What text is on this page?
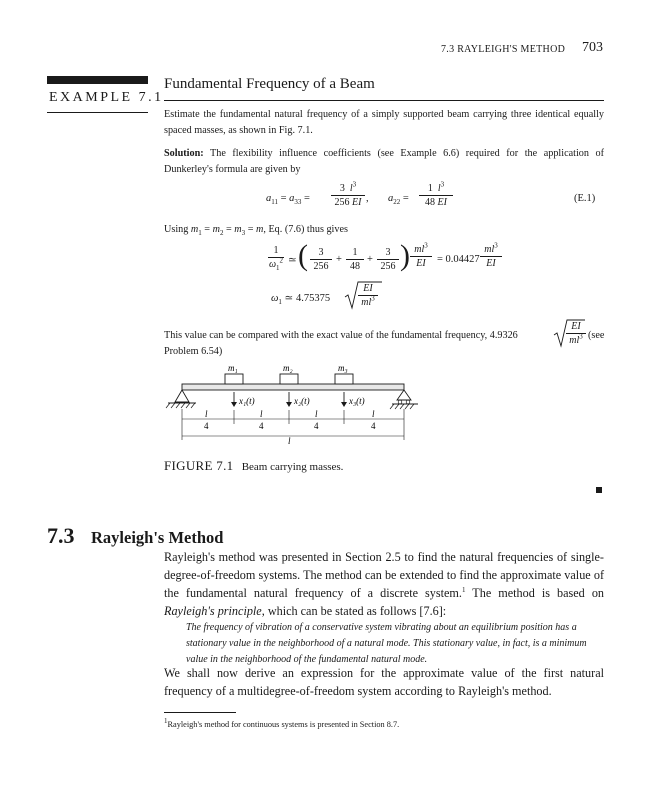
7.3 RAYLEIGH'S METHOD 703
EXAMPLE 7.1
Fundamental Frequency of a Beam
Estimate the fundamental natural frequency of a simply supported beam carrying three identical equally spaced masses, as shown in Fig. 7.1.
Solution: The flexibility influence coefficients (see Example 6.6) required for the application of Dunkerley's formula are given by
$a_{11} = a_{33}$ =
3  $l^3$
256 EI , $a_{22}$ =
1  $l^3$
48 EI	(E.1)
Using $m_1 = m_2 = m_3 = m$, Eq. (7.6) thus gives
1
$\omega_1^2$ ≃ (	3
256
+
1
48
+
3
256 ) $ml^3$
EI	= 0.04427
$ml^3$
EI
$\omega_1$ ≃ 4.75375
EI
$ml^3$
This value can be compared with the exact value of the fundamental frequency, 4.9326
EI
$ml^3$ (see
Problem 6.54)
m₁	m₂	m₃
x₁(t)	x₂(t)	x₃(t)
l
4
l
4
l
4
l
4
l
FIGURE 7.1 Beam carrying masses.
7.3 Rayleigh's Method
Rayleigh's method was presented in Section 2.5 to find the natural frequencies of single-degree-of-freedom systems. The method can be extended to find the approximate value of the fundamental natural frequency of a discrete system.$^1$ The method is based on Rayleigh's principle, which can be stated as follows [7.6]:
The frequency of vibration of a conservative system vibrating about an equilibrium position has a stationary value in the neighborhood of a natural mode. This stationary value, in fact, is a minimum value in the neighborhood of the fundamental natural mode.
We shall now derive an expression for the approximate value of the first natural frequency of a multidegree-of-freedom system according to Rayleigh's method.
$^1$Rayleigh's method for continuous systems is presented in Section 8.7.
